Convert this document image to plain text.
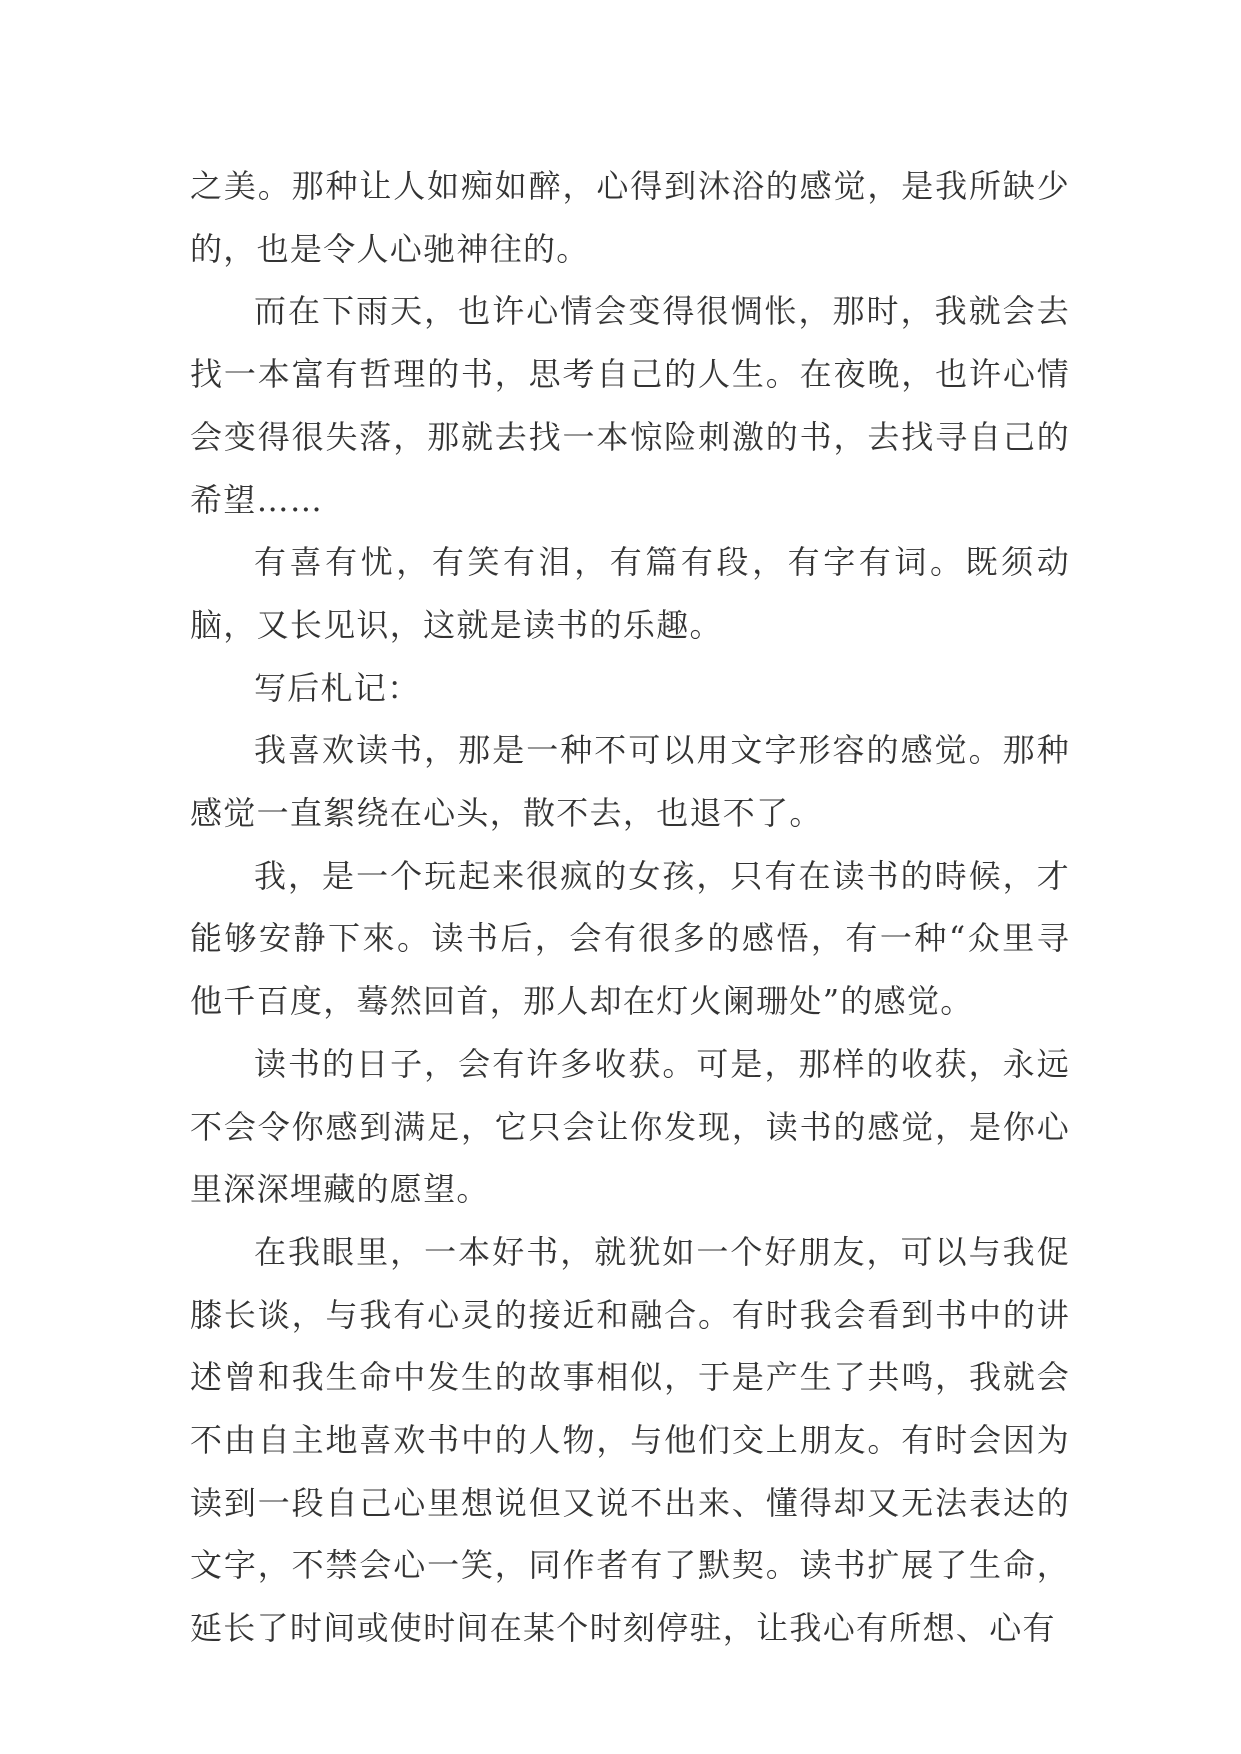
之美。那种让人如痴如醉，心得到沐浴的感觉，是我所缺少的，也是令人心驰神往的。

而在下雨天，也许心情会变得很惆怅，那时，我就会去找一本富有哲理的书，思考自己的人生。在夜晚，也许心情会变得很失落，那就去找一本惊险刺激的书，去找寻自己的希望……

有喜有忧，有笑有泪，有篇有段，有字有词。既须动脑，又长见识，这就是读书的乐趣。

写后札记：

我喜欢读书，那是一种不可以用文字形容的感觉。那种感觉一直絮绕在心头，散不去，也退不了。

我，是一个玩起来很疯的女孩，只有在读书的時候，才能够安静下來。读书后，会有很多的感悟，有一种“众里寻他千百度，蓦然回首，那人却在灯火阑珊处”的感觉。

读书的日子，会有许多收获。可是，那样的收获，永远不会令你感到满足，它只会让你发现，读书的感觉，是你心里深深埋藏的愿望。

在我眼里，一本好书，就犹如一个好朋友，可以与我促膝长谈，与我有心灵的接近和融合。有时我会看到书中的讲述曾和我生命中发生的故事相似，于是产生了共鸣，我就会不由自主地喜欢书中的人物，与他们交上朋友。有时会因为读到一段自己心里想说但又说不出来、懂得却又无法表达的文字，不禁会心一笑，同作者有了默契。读书扩展了生命，延长了时间或使时间在某个时刻停驻，让我心有所想、心有
